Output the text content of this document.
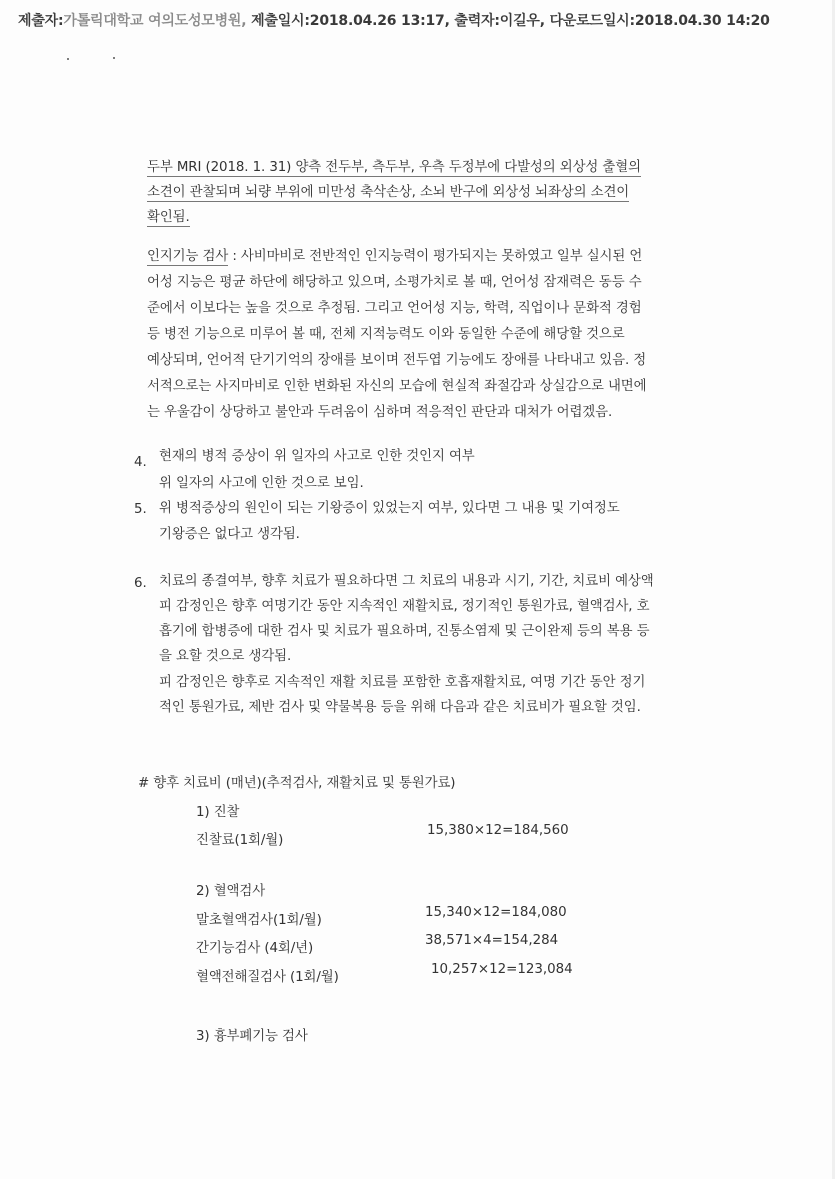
제출자:가톨릭대학교 여의도성모병원, 제출일시:2018.04.26 13:17, 출력자:이길우, 다운로드일시:2018.04.30 14:20
두부 MRI (2018. 1. 31) 양측 전두부, 측두부, 우측 두정부에 다발성의 외상성 출혈의
소견이 관찰되며 뇌량 부위에 미만성 축삭손상, 소뇌 반구에 외상성 뇌좌상의 소견이
확인됨.
인지기능 검사 : 사비마비로 전반적인 인지능력이 평가되지는 못하였고 일부 실시된 언
어성 지능은 평균 하단에 해당하고 있으며, 소평가치로 볼 때, 언어성 잠재력은 동등 수
준에서 이보다는 높을 것으로 추정됨. 그리고 언어성 지능, 학력, 직업이나 문화적 경험
등 병전 기능으로 미루어 볼 때, 전체 지적능력도 이와 동일한 수준에 해당할 것으로
예상되며, 언어적 단기기억의 장애를 보이며 전두엽 기능에도 장애를 나타내고 있음. 정
서적으로는 사지마비로 인한 변화된 자신의 모습에 현실적 좌절감과 상실감으로 내면에
는 우울감이 상당하고 불안과 두려움이 심하며 적응적인 판단과 대처가 어렵겠음.
4. 현재의 병적 증상이 위 일자의 사고로 인한 것인지 여부
위 일자의 사고에 인한 것으로 보임.
5. 위 병적증상의 원인이 되는 기왕증이 있었는지 여부, 있다면 그 내용 및 기여정도
기왕증은 없다고 생각됨.
6. 치료의 종결여부, 향후 치료가 필요하다면 그 치료의 내용과 시기, 기간, 치료비 예상액
피 감정인은 향후 여명기간 동안 지속적인 재활치료, 정기적인 통원가료, 혈액검사, 호
흡기에 합병증에 대한 검사 및 치료가 필요하며, 진통소염제 및 근이완제 등의 복용 등
을 요할 것으로 생각됨.
피 감정인은 향후로 지속적인 재활 치료를 포함한 호흡재활치료, 여명 기간 동안 정기
적인 통원가료, 제반 검사 및 약물복용 등을 위해 다음과 같은 치료비가 필요할 것임.
# 향후 치료비 (매년)(추적검사, 재활치료 및 통원가료)
1) 진찰
진찰료(1회/월)
15,380×12=184,560
2) 혈액검사
말초혈액검사(1회/월)
15,340×12=184,080
간기능검사 (4회/년)
38,571×4=154,284
혈액전해질검사 (1회/월)
10,257×12=123,084
3) 흉부폐기능 검사
